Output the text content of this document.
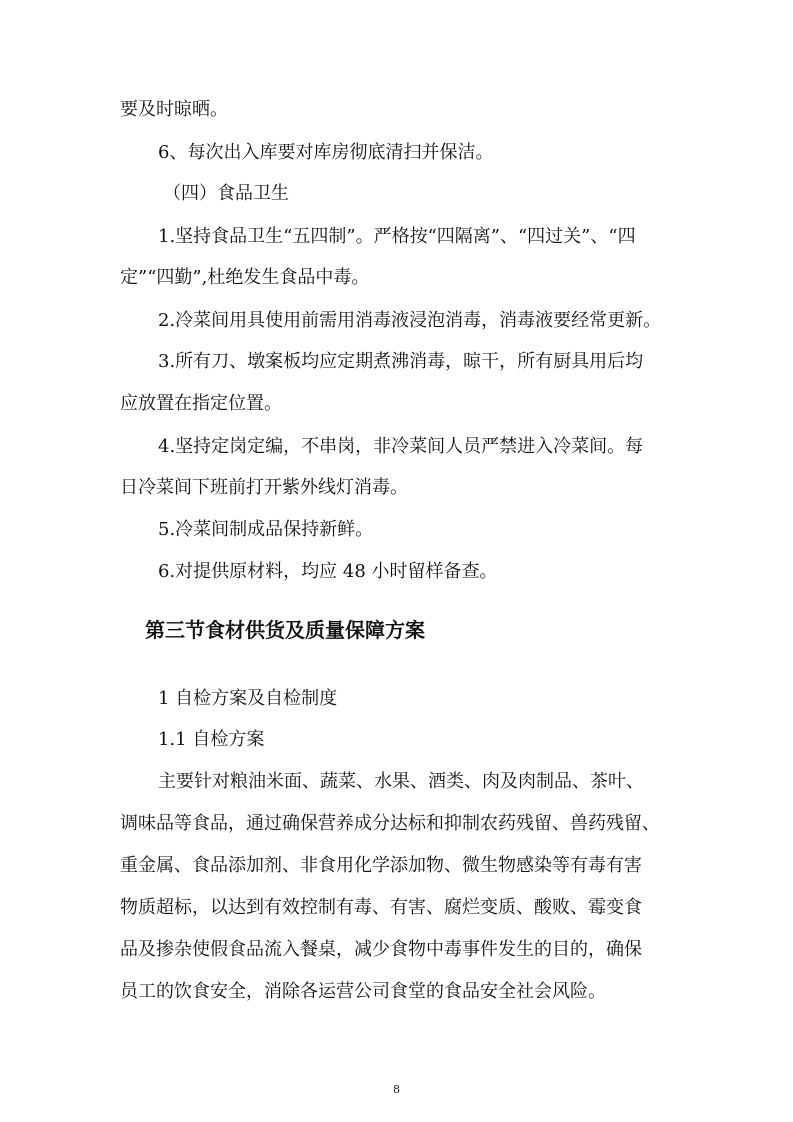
要及时晾晒。
6、每次出入库要对库房彻底清扫并保洁。
（四）食品卫生
1.坚持食品卫生“五四制”。严格按“四隔离”、“四过关”、“四
定”“四勤”,杜绝发生食品中毒。
2.冷菜间用具使用前需用消毒液浸泡消毒，消毒液要经常更新。
3.所有刀、墩案板均应定期煮沸消毒，晾干，所有厨具用后均
应放置在指定位置。
4.坚持定岗定编，不串岗，非冷菜间人员严禁进入冷菜间。每
日冷菜间下班前打开紫外线灯消毒。
5.冷菜间制成品保持新鲜。
6.对提供原材料，均应 48 小时留样备查。
第三节食材供货及质量保障方案
1 自检方案及自检制度
1.1 自检方案
主要针对粮油米面、蔬菜、水果、酒类、肉及肉制品、茶叶、
调味品等食品，通过确保营养成分达标和抑制农药残留、兽药残留、
重金属、食品添加剂、非食用化学添加物、微生物感染等有毒有害
物质超标，以达到有效控制有毒、有害、腐烂变质、酸败、霉变食
品及掺杂使假食品流入餐桌，减少食物中毒事件发生的目的，确保
员工的饮食安全，消除各运营公司食堂的食品安全社会风险。
8
